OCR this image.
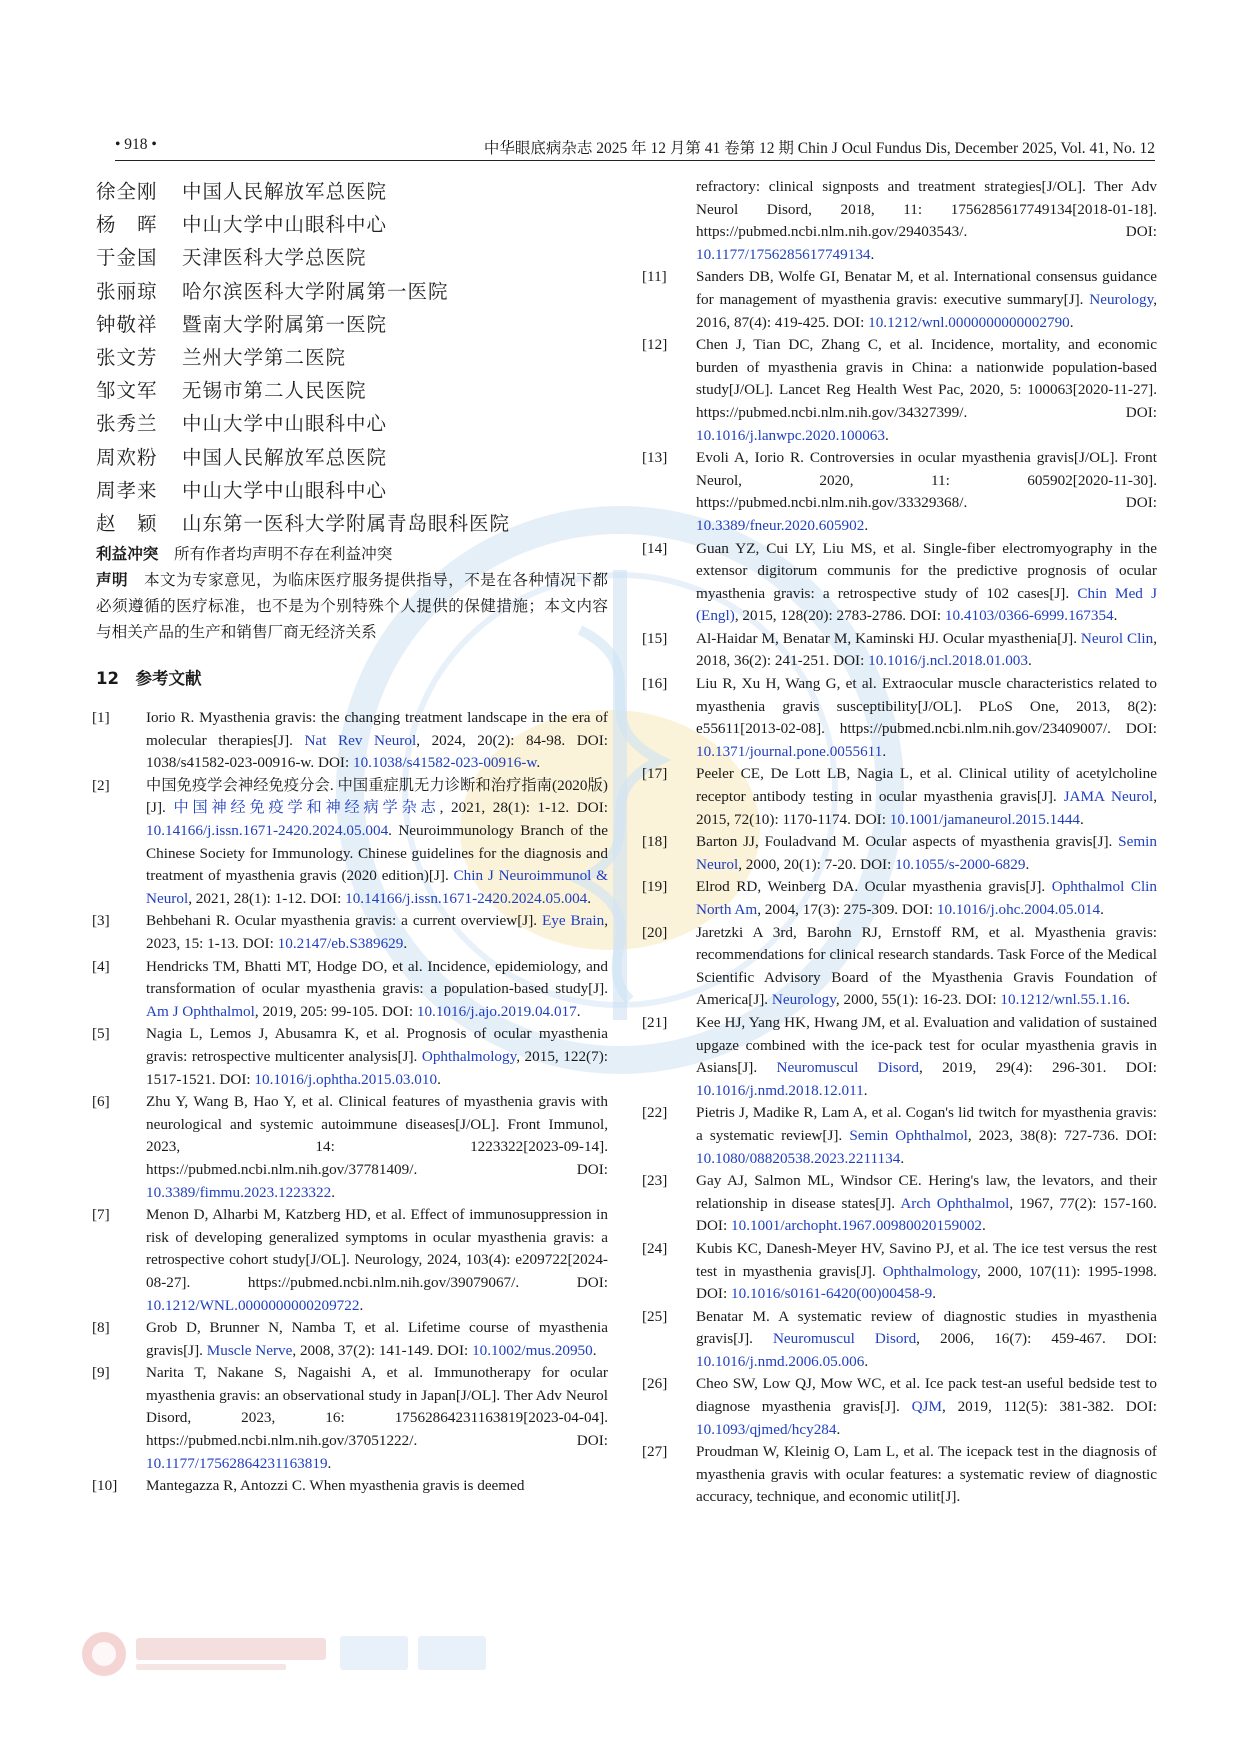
• 918 •	中华眼底病杂志 2025 年 12 月第 41 卷第 12 期 Chin J Ocul Fundus Dis, December 2025, Vol. 41, No. 12
徐全刚	中国人民解放军总医院
杨　晖	中山大学中山眼科中心
于金国	天津医科大学总医院
张丽琼	哈尔滨医科大学附属第一医院
钟敬祥	暨南大学附属第一医院
张文芳	兰州大学第二医院
邹文军	无锡市第二人民医院
张秀兰	中山大学中山眼科中心
周欢粉	中国人民解放军总医院
周孝来	中山大学中山眼科中心
赵　颖	山东第一医科大学附属青岛眼科医院

利益冲突　 所有作者均声明不存在利益冲突

声明　 本文为专家意见，为临床医疗服务提供指导，不是在各种情况下都必须遵循的医疗标准，也不是为个别特殊个人提供的保健措施；本文内容与相关产品的生产和销售厂商无经济关系

12　 参考文献
[1] Iorio R. Myasthenia gravis: the changing treatment landscape in the era of molecular therapies[J]. Nat Rev Neurol, 2024, 20(2): 84-98. DOI: 1038/s41582-023-00916-w. DOI: 10.1038/s41582-023-00916-w.
[2] 中国免疫学会神经免疫分会. 中国重症肌无力诊断和治疗指南(2020版)[J]. 中国神经免疫学和神经病学杂志, 2021, 28(1): 1-12. DOI: 10.14166/j.issn.1671-2420.2024.05.004. Neuroimmunology Branch of the Chinese Society for Immunology. Chinese guidelines for the diagnosis and treatment of myasthenia gravis (2020 edition)[J]. Chin J Neuroimmunol & Neurol, 2021, 28(1): 1-12. DOI: 10.14166/j.issn.1671-2420.2024.05.004.
[3] Behbehani R. Ocular myasthenia gravis: a current overview[J]. Eye Brain, 2023, 15: 1-13. DOI: 10.2147/eb.S389629.
[4] Hendricks TM, Bhatti MT, Hodge DO, et al. Incidence, epidemiology, and transformation of ocular myasthenia gravis: a population-based study[J]. Am J Ophthalmol, 2019, 205: 99-105. DOI: 10.1016/j.ajo.2019.04.017.
[5] Nagia L, Lemos J, Abusamra K, et al. Prognosis of ocular myasthenia gravis: retrospective multicenter analysis[J]. Ophthalmology, 2015, 122(7): 1517-1521. DOI: 10.1016/j.ophtha.2015.03.010.
[6] Zhu Y, Wang B, Hao Y, et al. Clinical features of myasthenia gravis with neurological and systemic autoimmune diseases[J/OL]. Front Immunol, 2023, 14: 1223322[2023-09-14]. https://pubmed.ncbi.nlm.nih.gov/37781409/. DOI: 10.3389/fimmu.2023.1223322.
[7] Menon D, Alharbi M, Katzberg HD, et al. Effect of immunosuppression in risk of developing generalized symptoms in ocular myasthenia gravis: a retrospective cohort study[J/OL]. Neurology, 2024, 103(4): e209722[2024-08-27]. https://pubmed.ncbi.nlm.nih.gov/39079067/. DOI: 10.1212/WNL.0000000000209722.
[8] Grob D, Brunner N, Namba T, et al. Lifetime course of myasthenia gravis[J]. Muscle Nerve, 2008, 37(2): 141-149. DOI: 10.1002/mus.20950.
[9] Narita T, Nakane S, Nagaishi A, et al. Immunotherapy for ocular myasthenia gravis: an observational study in Japan[J/OL]. Ther Adv Neurol Disord, 2023, 16: 17562864231163819[2023-04-04]. https://pubmed.ncbi.nlm.nih.gov/37051222/. DOI: 10.1177/17562864231163819.
[10] Mantegazza R, Antozzi C. When myasthenia gravis is deemed
refractory: clinical signposts and treatment strategies[J/OL]. Ther Adv Neurol Disord, 2018, 11: 1756285617749134[2018-01-18]. https://pubmed.ncbi.nlm.nih.gov/29403543/. DOI: 10.1177/1756285617749134.
[11] Sanders DB, Wolfe GI, Benatar M, et al. International consensus guidance for management of myasthenia gravis: executive summary[J]. Neurology, 2016, 87(4): 419-425. DOI: 10.1212/wnl.0000000000002790.
[12] Chen J, Tian DC, Zhang C, et al. Incidence, mortality, and economic burden of myasthenia gravis in China: a nationwide population-based study[J/OL]. Lancet Reg Health West Pac, 2020, 5: 100063[2020-11-27]. https://pubmed.ncbi.nlm.nih.gov/34327399/. DOI: 10.1016/j.lanwpc.2020.100063.
[13] Evoli A, Iorio R. Controversies in ocular myasthenia gravis[J/OL]. Front Neurol, 2020, 11: 605902[2020-11-30]. https://pubmed.ncbi.nlm.nih.gov/33329368/. DOI: 10.3389/fneur.2020.605902.
[14] Guan YZ, Cui LY, Liu MS, et al. Single-fiber electromyography in the extensor digitorum communis for the predictive prognosis of ocular myasthenia gravis: a retrospective study of 102 cases[J]. Chin Med J (Engl), 2015, 128(20): 2783-2786. DOI: 10.4103/0366-6999.167354.
[15] Al-Haidar M, Benatar M, Kaminski HJ. Ocular myasthenia[J]. Neurol Clin, 2018, 36(2): 241-251. DOI: 10.1016/j.ncl.2018.01.003.
[16] Liu R, Xu H, Wang G, et al. Extraocular muscle characteristics related to myasthenia gravis susceptibility[J/OL]. PLoS One, 2013, 8(2): e55611[2013-02-08]. https://pubmed.ncbi.nlm.nih.gov/23409007/. DOI: 10.1371/journal.pone.0055611.
[17] Peeler CE, De Lott LB, Nagia L, et al. Clinical utility of acetylcholine receptor antibody testing in ocular myasthenia gravis[J]. JAMA Neurol, 2015, 72(10): 1170-1174. DOI: 10.1001/jamaneurol.2015.1444.
[18] Barton JJ, Fouladvand M. Ocular aspects of myasthenia gravis[J]. Semin Neurol, 2000, 20(1): 7-20. DOI: 10.1055/s-2000-6829.
[19] Elrod RD, Weinberg DA. Ocular myasthenia gravis[J]. Ophthalmol Clin North Am, 2004, 17(3): 275-309. DOI: 10.1016/j.ohc.2004.05.014.
[20] Jaretzki A 3rd, Barohn RJ, Ernstoff RM, et al. Myasthenia gravis: recommendations for clinical research standards. Task Force of the Medical Scientific Advisory Board of the Myasthenia Gravis Foundation of America[J]. Neurology, 2000, 55(1): 16-23. DOI: 10.1212/wnl.55.1.16.
[21] Kee HJ, Yang HK, Hwang JM, et al. Evaluation and validation of sustained upgaze combined with the ice-pack test for ocular myasthenia gravis in Asians[J]. Neuromuscul Disord, 2019, 29(4): 296-301. DOI: 10.1016/j.nmd.2018.12.011.
[22] Pietris J, Madike R, Lam A, et al. Cogan's lid twitch for myasthenia gravis: a systematic review[J]. Semin Ophthalmol, 2023, 38(8): 727-736. DOI: 10.1080/08820538.2023.2211134.
[23] Gay AJ, Salmon ML, Windsor CE. Hering's law, the levators, and their relationship in disease states[J]. Arch Ophthalmol, 1967, 77(2): 157-160. DOI: 10.1001/archopht.1967.00980020159002.
[24] Kubis KC, Danesh-Meyer HV, Savino PJ, et al. The ice test versus the rest test in myasthenia gravis[J]. Ophthalmology, 2000, 107(11): 1995-1998. DOI: 10.1016/s0161-6420(00)00458-9.
[25] Benatar M. A systematic review of diagnostic studies in myasthenia gravis[J]. Neuromuscul Disord, 2006, 16(7): 459-467. DOI: 10.1016/j.nmd.2006.05.006.
[26] Cheo SW, Low QJ, Mow WC, et al. Ice pack test-an useful bedside test to diagnose myasthenia gravis[J]. QJM, 2019, 112(5): 381-382. DOI: 10.1093/qjmed/hcy284.
[27] Proudman W, Kleinig O, Lam L, et al. The icepack test in the diagnosis of myasthenia gravis with ocular features: a systematic review of diagnostic accuracy, technique, and economic utilit[J].
